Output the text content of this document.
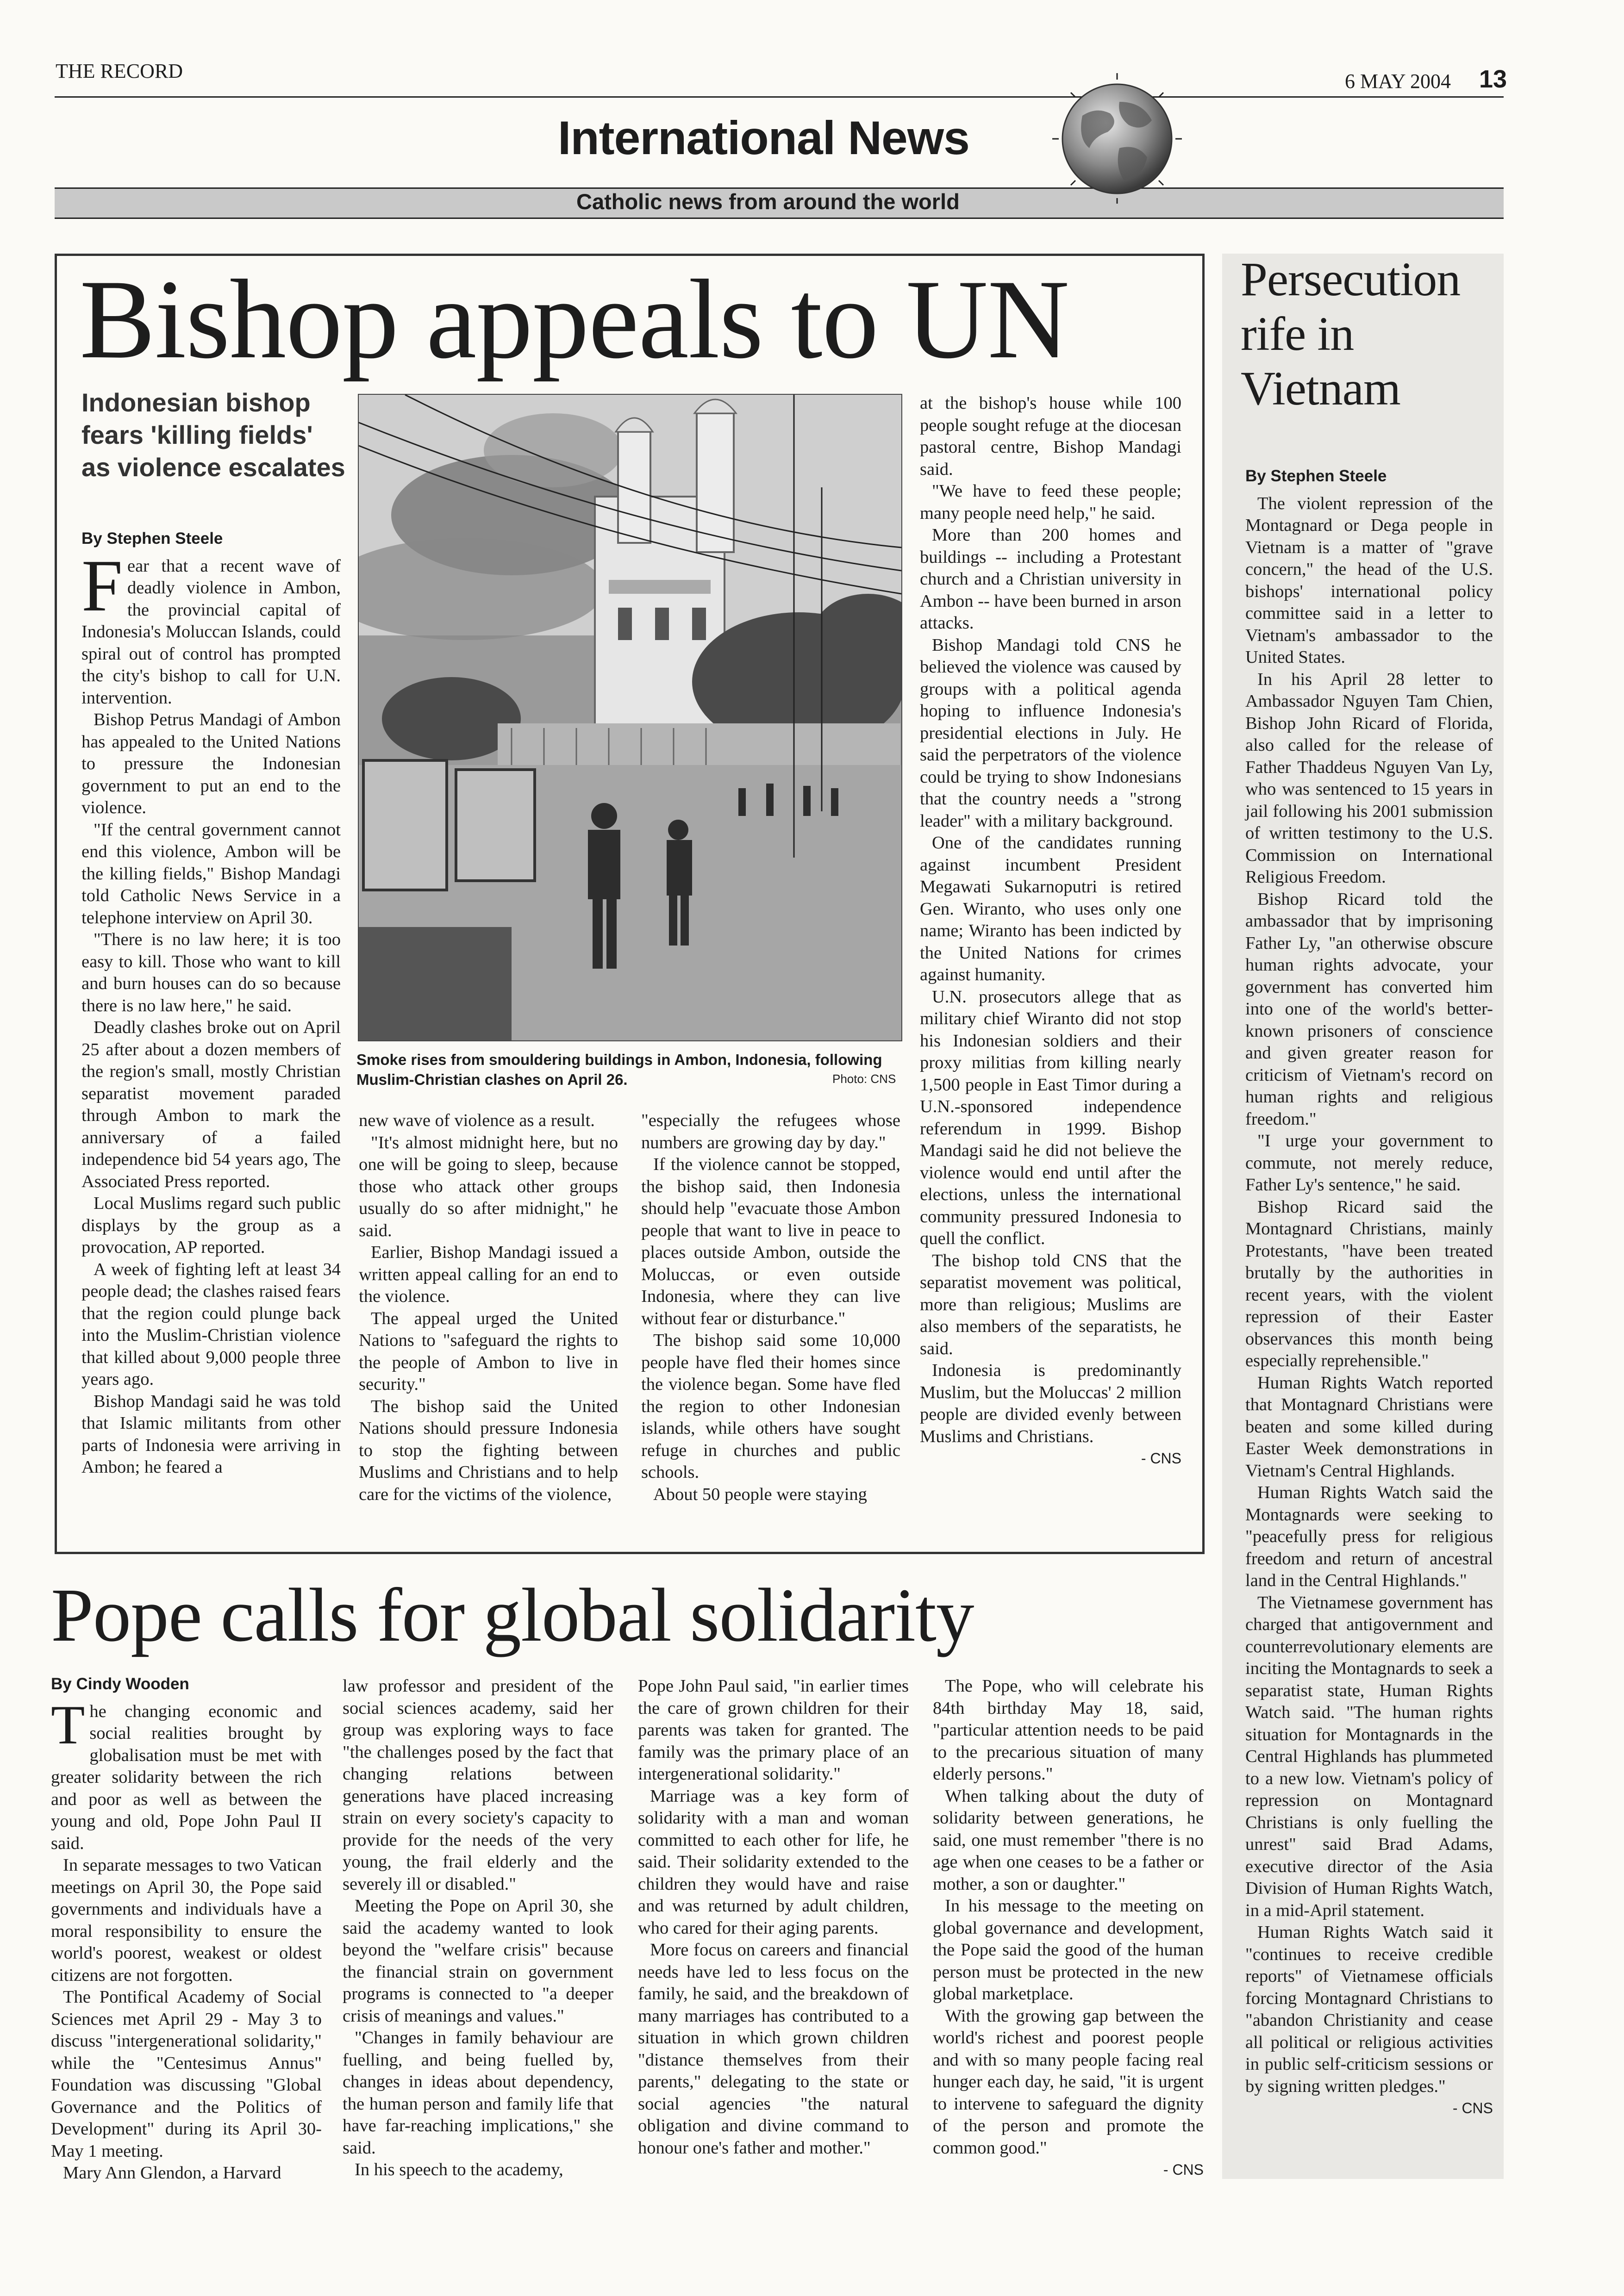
THE RECORD	6 MAY 2004 13
International News
Catholic news from around the world
Bishop appeals to UN
Indonesian bishop fears 'killing fields' as violence escalates
By Stephen Steele
F ear that a recent wave of deadly violence in Ambon, the provincial capital of Indonesia's Moluccan Islands, could spiral out of control has prompted the city's bishop to call for U.N. intervention.

Bishop Petrus Mandagi of Ambon has appealed to the United Nations to pressure the Indonesian government to put an end to the violence.

"If the central government cannot end this violence, Ambon will be the killing fields," Bishop Mandagi told Catholic News Service in a telephone interview on April 30.

"There is no law here; it is too easy to kill. Those who want to kill and burn houses can do so because there is no law here," he said.

Deadly clashes broke out on April 25 after about a dozen members of the region's small, mostly Christian separatist movement paraded through Ambon to mark the anniversary of a failed independence bid 54 years ago, The Associated Press reported.

Local Muslims regard such public displays by the group as a provocation, AP reported.

A week of fighting left at least 34 people dead; the clashes raised fears that the region could plunge back into the Muslim-Christian violence that killed about 9,000 people three years ago.

Bishop Mandagi said he was told that Islamic militants from other parts of Indonesia were arriving in Ambon; he feared a

Smoke rises from smouldering buildings in Ambon, Indonesia, following Muslim-Christian clashes on April 26.	Photo: CNS

new wave of violence as a result.

"It's almost midnight here, but no one will be going to sleep, because those who attack other groups usually do so after midnight," he said.

Earlier, Bishop Mandagi issued a written appeal calling for an end to the violence.

The appeal urged the United Nations to "safeguard the rights to the people of Ambon to live in security."

The bishop said the United Nations should pressure Indonesia to stop the fighting between Muslims and Christians and to help care for the victims of the violence,

"especially the refugees whose numbers are growing day by day."

If the violence cannot be stopped, the bishop said, then Indonesia should help "evacuate those Ambon people that want to live in peace to places outside Ambon, outside the Moluccas, or even outside Indonesia, where they can live without fear or disturbance."

The bishop said some 10,000 people have fled their homes since the violence began. Some have fled the region to other Indonesian islands, while others have sought refuge in churches and public schools.

About 50 people were staying

at the bishop's house while 100 people sought refuge at the diocesan pastoral centre, Bishop Mandagi said.

"We have to feed these people; many people need help," he said.

More than 200 homes and buildings -- including a Protestant church and a Christian university in Ambon -- have been burned in arson attacks.

Bishop Mandagi told CNS he believed the violence was caused by groups with a political agenda hoping to influence Indonesia's presidential elections in July. He said the perpetrators of the violence could be trying to show Indonesians that the country needs a "strong leader" with a military background.

One of the candidates running against incumbent President Megawati Sukarnoputri is retired Gen. Wiranto, who uses only one name; Wiranto has been indicted by the United Nations for crimes against humanity.

U.N. prosecutors allege that as military chief Wiranto did not stop his Indonesian soldiers and their proxy militias from killing nearly 1,500 people in East Timor during a U.N.-sponsored independence referendum in 1999. Bishop Mandagi said he did not believe the violence would end until after the elections, unless the international community pressured Indonesia to quell the conflict.

The bishop told CNS that the separatist movement was political, more than religious; Muslims are also members of the separatists, he said.

Indonesia is predominantly Muslim, but the Moluccas' 2 million people are divided evenly between Muslims and Christians.

- CNS
Persecution rife in Vietnam
By Stephen Steele

The violent repression of the Montagnard or Dega people in Vietnam is a matter of "grave concern," the head of the U.S. bishops' international policy committee said in a letter to Vietnam's ambassador to the United States.

In his April 28 letter to Ambassador Nguyen Tam Chien, Bishop John Ricard of Florida, also called for the release of Father Thaddeus Nguyen Van Ly, who was sentenced to 15 years in jail following his 2001 submission of written testimony to the U.S. Commission on International Religious Freedom.

Bishop Ricard told the ambassador that by imprisoning Father Ly, "an otherwise obscure human rights advocate, your government has converted him into one of the world's better-known prisoners of conscience and given greater reason for criticism of Vietnam's record on human rights and religious freedom."

"I urge your government to commute, not merely reduce, Father Ly's sentence," he said.

Bishop Ricard said the Montagnard Christians, mainly Protestants, "have been treated brutally by the authorities in recent years, with the violent repression of their Easter observances this month being especially reprehensible."

Human Rights Watch reported that Montagnard Christians were beaten and some killed during Easter Week demonstrations in Vietnam's Central Highlands.

Human Rights Watch said the Montagnards were seeking to "peacefully press for religious freedom and return of ancestral land in the Central Highlands."

The Vietnamese government has charged that antigovernment and counterrevolutionary elements are inciting the Montagnards to seek a separatist state, Human Rights Watch said. "The human rights situation for Montagnards in the Central Highlands has plummeted to a new low. Vietnam's policy of repression on Montagnard Christians is only fuelling the unrest" said Brad Adams, executive director of the Asia Division of Human Rights Watch, in a mid-April statement.

Human Rights Watch said it "continues to receive credible reports" of Vietnamese officials forcing Montagnard Christians to "abandon Christianity and cease all political or religious activities in public self-criticism sessions or by signing written pledges."

- CNS
Pope calls for global solidarity
By Cindy Wooden
T he changing economic and social realities brought by globalisation must be met with greater solidarity between the rich and poor as well as between the young and old, Pope John Paul II said.

In separate messages to two Vatican meetings on April 30, the Pope said governments and individuals have a moral responsibility to ensure the world's poorest, weakest or oldest citizens are not forgotten.

The Pontifical Academy of Social Sciences met April 29 - May 3 to discuss "intergenerational solidarity," while the "Centesimus Annus" Foundation was discussing "Global Governance and the Politics of Development" during its April 30-May 1 meeting.

Mary Ann Glendon, a Harvard

law professor and president of the social sciences academy, said her group was exploring ways to face "the challenges posed by the fact that changing relations between generations have placed increasing strain on every society's capacity to provide for the needs of the very young, the frail elderly and the severely ill or disabled."

Meeting the Pope on April 30, she said the academy wanted to look beyond the "welfare crisis" because the financial strain on government programs is connected to "a deeper crisis of meanings and values."

"Changes in family behaviour are fuelling, and being fuelled by, changes in ideas about dependency, the human person and family life that have far-reaching implications," she said.

In his speech to the academy,

Pope John Paul said, "in earlier times the care of grown children for their parents was taken for granted. The family was the primary place of an intergenerational solidarity."

Marriage was a key form of solidarity with a man and woman committed to each other for life, he said. Their solidarity extended to the children they would have and raise and was returned by adult children, who cared for their aging parents.

More focus on careers and financial needs have led to less focus on the family, he said, and the breakdown of many marriages has contributed to a situation in which grown children "distance themselves from their parents," delegating to the state or social agencies "the natural obligation and divine command to honour one's father and mother."

The Pope, who will celebrate his 84th birthday May 18, said, "particular attention needs to be paid to the precarious situation of many elderly persons."

When talking about the duty of solidarity between generations, he said, one must remember "there is no age when one ceases to be a father or mother, a son or daughter."

In his message to the meeting on global governance and development, the Pope said the good of the human person must be protected in the new global marketplace.

With the growing gap between the world's richest and poorest people and with so many people facing real hunger each day, he said, "it is urgent to intervene to safeguard the dignity of the person and promote the common good."

- CNS
